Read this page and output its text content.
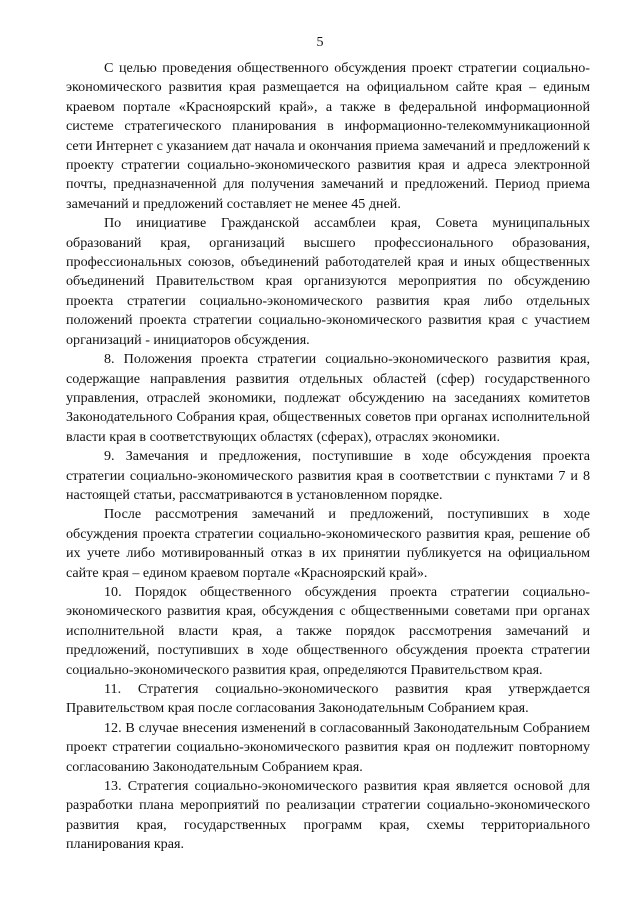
5

С целью проведения общественного обсуждения проект стратегии социально-экономического развития края размещается на официальном сайте края – единым краевом портале «Красноярский край», а также в федеральной информационной системе стратегического планирования в информационно-телекоммуникационной сети Интернет с указанием дат начала и окончания приема замечаний и предложений к проекту стратегии социально-экономического развития края и адреса электронной почты, предназначенной для получения замечаний и предложений. Период приема замечаний и предложений составляет не менее 45 дней.

По инициативе Гражданской ассамблеи края, Совета муниципальных образований края, организаций высшего профессионального образования, профессиональных союзов, объединений работодателей края и иных общественных объединений Правительством края организуются мероприятия по обсуждению проекта стратегии социально-экономического развития края либо отдельных положений проекта стратегии социально-экономического развития края с участием организаций - инициаторов обсуждения.

8. Положения проекта стратегии социально-экономического развития края, содержащие направления развития отдельных областей (сфер) государственного управления, отраслей экономики, подлежат обсуждению на заседаниях комитетов Законодательного Собрания края, общественных советов при органах исполнительной власти края в соответствующих областях (сферах), отраслях экономики.

9. Замечания и предложения, поступившие в ходе обсуждения проекта стратегии социально-экономического развития края в соответствии с пунктами 7 и 8 настоящей статьи, рассматриваются в установленном порядке.

После рассмотрения замечаний и предложений, поступивших в ходе обсуждения проекта стратегии социально-экономического развития края, решение об их учете либо мотивированный отказ в их принятии публикуется на официальном сайте края – едином краевом портале «Красноярский край».

10. Порядок общественного обсуждения проекта стратегии социально-экономического развития края, обсуждения с общественными советами при органах исполнительной власти края, а также порядок рассмотрения замечаний и предложений, поступивших в ходе общественного обсуждения проекта стратегии социально-экономического развития края, определяются Правительством края.

11. Стратегия социально-экономического развития края утверждается Правительством края после согласования Законодательным Собранием края.

12. В случае внесения изменений в согласованный Законодательным Собранием проект стратегии социально-экономического развития края он подлежит повторному согласованию Законодательным Собранием края.

13. Стратегия социально-экономического развития края является основой для разработки плана мероприятий по реализации стратегии социально-экономического развития края, государственных программ края, схемы территориального планирования края.
